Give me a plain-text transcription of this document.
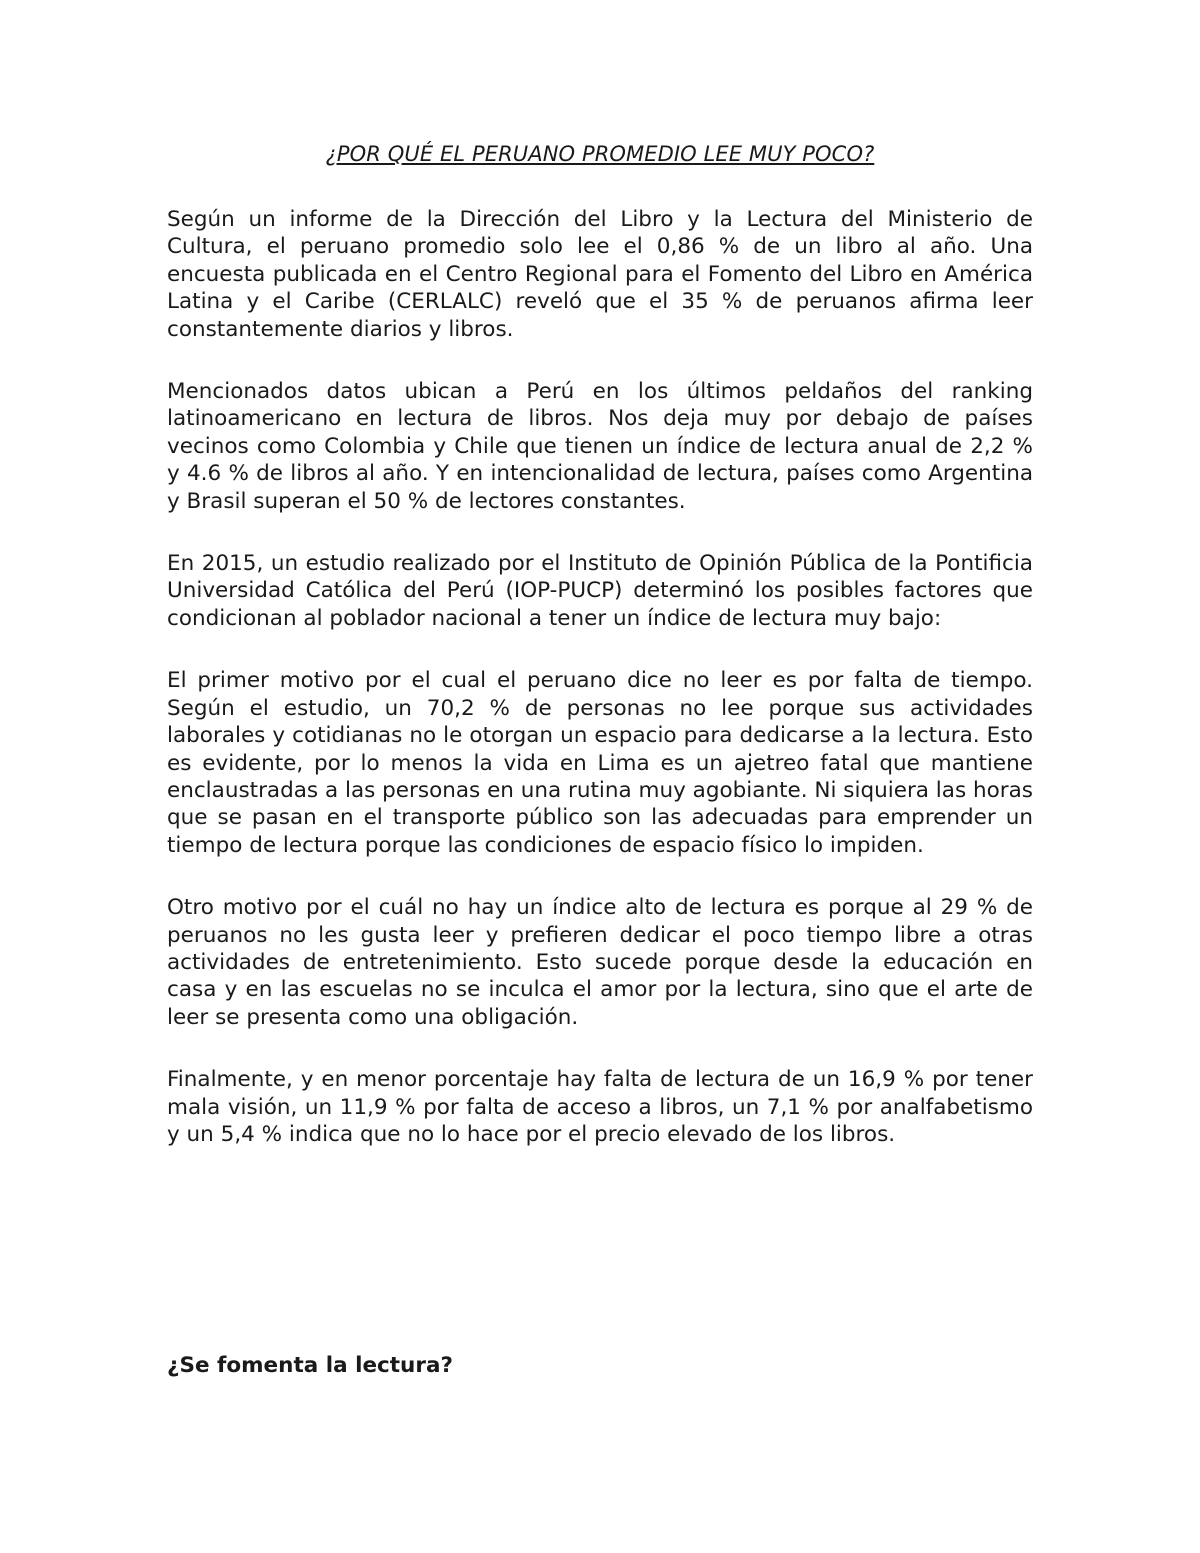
¿POR QUÉ EL PERUANO PROMEDIO LEE MUY POCO?

Según un informe de la Dirección del Libro y la Lectura del Ministerio de Cultura, el peruano promedio solo lee el 0,86 % de un libro al año. Una encuesta publicada en el Centro Regional para el Fomento del Libro en América Latina y el Caribe (CERLALC) reveló que el 35 % de peruanos afirma leer constantemente diarios y libros.

Mencionados datos ubican a Perú en los últimos peldaños del ranking latinoamericano en lectura de libros. Nos deja muy por debajo de países vecinos como Colombia y Chile que tienen un índice de lectura anual de 2,2 % y 4.6 % de libros al año. Y en intencionalidad de lectura, países como Argentina y Brasil superan el 50 % de lectores constantes.

En 2015, un estudio realizado por el Instituto de Opinión Pública de la Pontificia Universidad Católica del Perú (IOP-PUCP) determinó los posibles factores que condicionan al poblador nacional a tener un índice de lectura muy bajo:

El primer motivo por el cual el peruano dice no leer es por falta de tiempo. Según el estudio, un 70,2 % de personas no lee porque sus actividades laborales y cotidianas no le otorgan un espacio para dedicarse a la lectura. Esto es evidente, por lo menos la vida en Lima es un ajetreo fatal que mantiene enclaustradas a las personas en una rutina muy agobiante. Ni siquiera las horas que se pasan en el transporte público son las adecuadas para emprender un tiempo de lectura porque las condiciones de espacio físico lo impiden.

Otro motivo por el cuál no hay un índice alto de lectura es porque al 29 % de peruanos no les gusta leer y prefieren dedicar el poco tiempo libre a otras actividades de entretenimiento. Esto sucede porque desde la educación en casa y en las escuelas no se inculca el amor por la lectura, sino que el arte de leer se presenta como una obligación.

Finalmente, y en menor porcentaje hay falta de lectura de un 16,9 % por tener mala visión, un 11,9 % por falta de acceso a libros, un 7,1 % por analfabetismo y un 5,4 % indica que no lo hace por el precio elevado de los libros.

¿Se fomenta la lectura?
